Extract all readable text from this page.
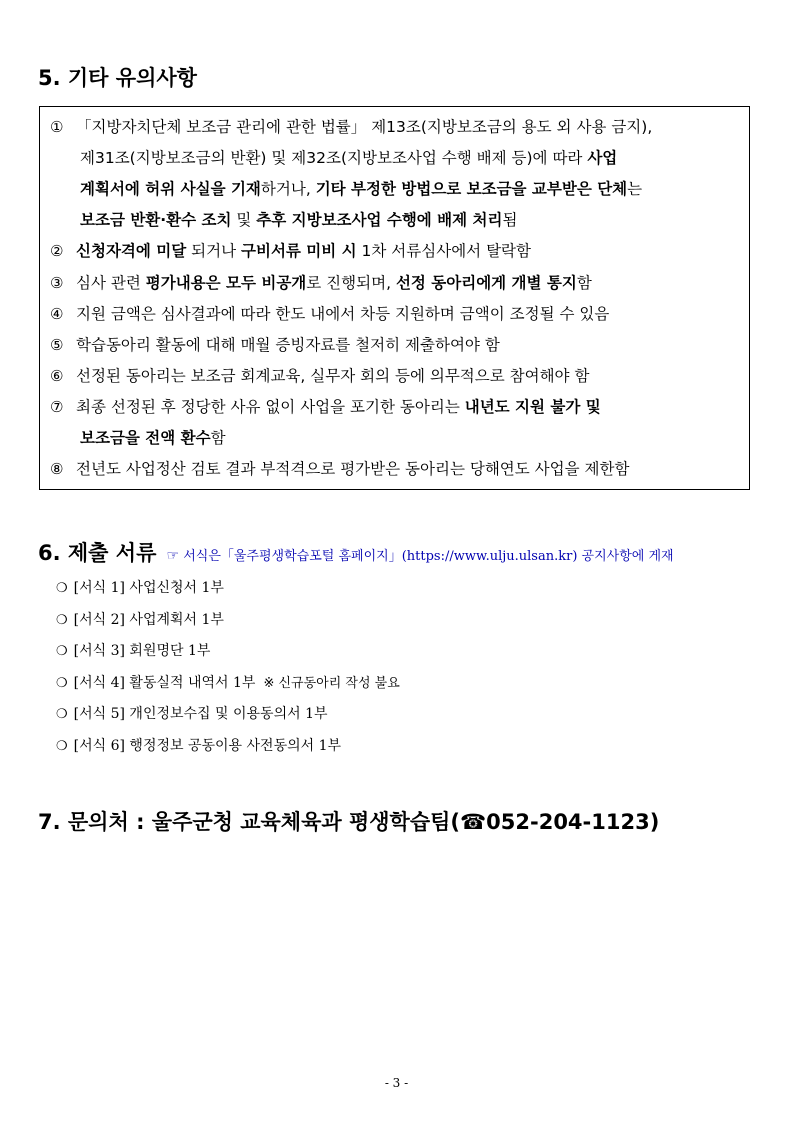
5. 기타 유의사항
① 「지방자치단체 보조금 관리에 관한 법률」 제13조(지방보조금의 용도 외 사용 금지),
제31조(지방보조금의 반환) 및 제32조(지방보조사업 수행 배제 등)에 따라 사업
계획서에 허위 사실을 기재하거나, 기타 부정한 방법으로 보조금을 교부받은 단체는
보조금 반환·환수 조치 및 추후 지방보조사업 수행에 배제 처리됨
② 신청자격에 미달 되거나 구비서류 미비 시 1차 서류심사에서 탈락함
③ 심사 관련 평가내용은 모두 비공개로 진행되며, 선정 동아리에게 개별 통지함
④ 지원 금액은 심사결과에 따라 한도 내에서 차등 지원하며 금액이 조정될 수 있음
⑤ 학습동아리 활동에 대해 매월 증빙자료를 철저히 제출하여야 함
⑥ 선정된 동아리는 보조금 회계교육, 실무자 회의 등에 의무적으로 참여해야 함
⑦ 최종 선정된 후 정당한 사유 없이 사업을 포기한 동아리는 내년도 지원 불가 및
보조금을 전액 환수함
⑧ 전년도 사업정산 검토 결과 부적격으로 평가받은 동아리는 당해연도 사업을 제한함
6. 제출 서류 ☞ 서식은「울주평생학습포털 홈페이지」(https://www.ulju.ulsan.kr) 공지사항에 게재
❍ [서식 1] 사업신청서 1부
❍ [서식 2] 사업계획서 1부
❍ [서식 3] 회원명단 1부
❍ [서식 4] 활동실적 내역서 1부 ※ 신규동아리 작성 불요
❍ [서식 5] 개인정보수집 및 이용동의서 1부
❍ [서식 6] 행정정보 공동이용 사전동의서 1부
7. 문의처 : 울주군청 교육체육과 평생학습팀(☎052-204-1123)
- 3 -
